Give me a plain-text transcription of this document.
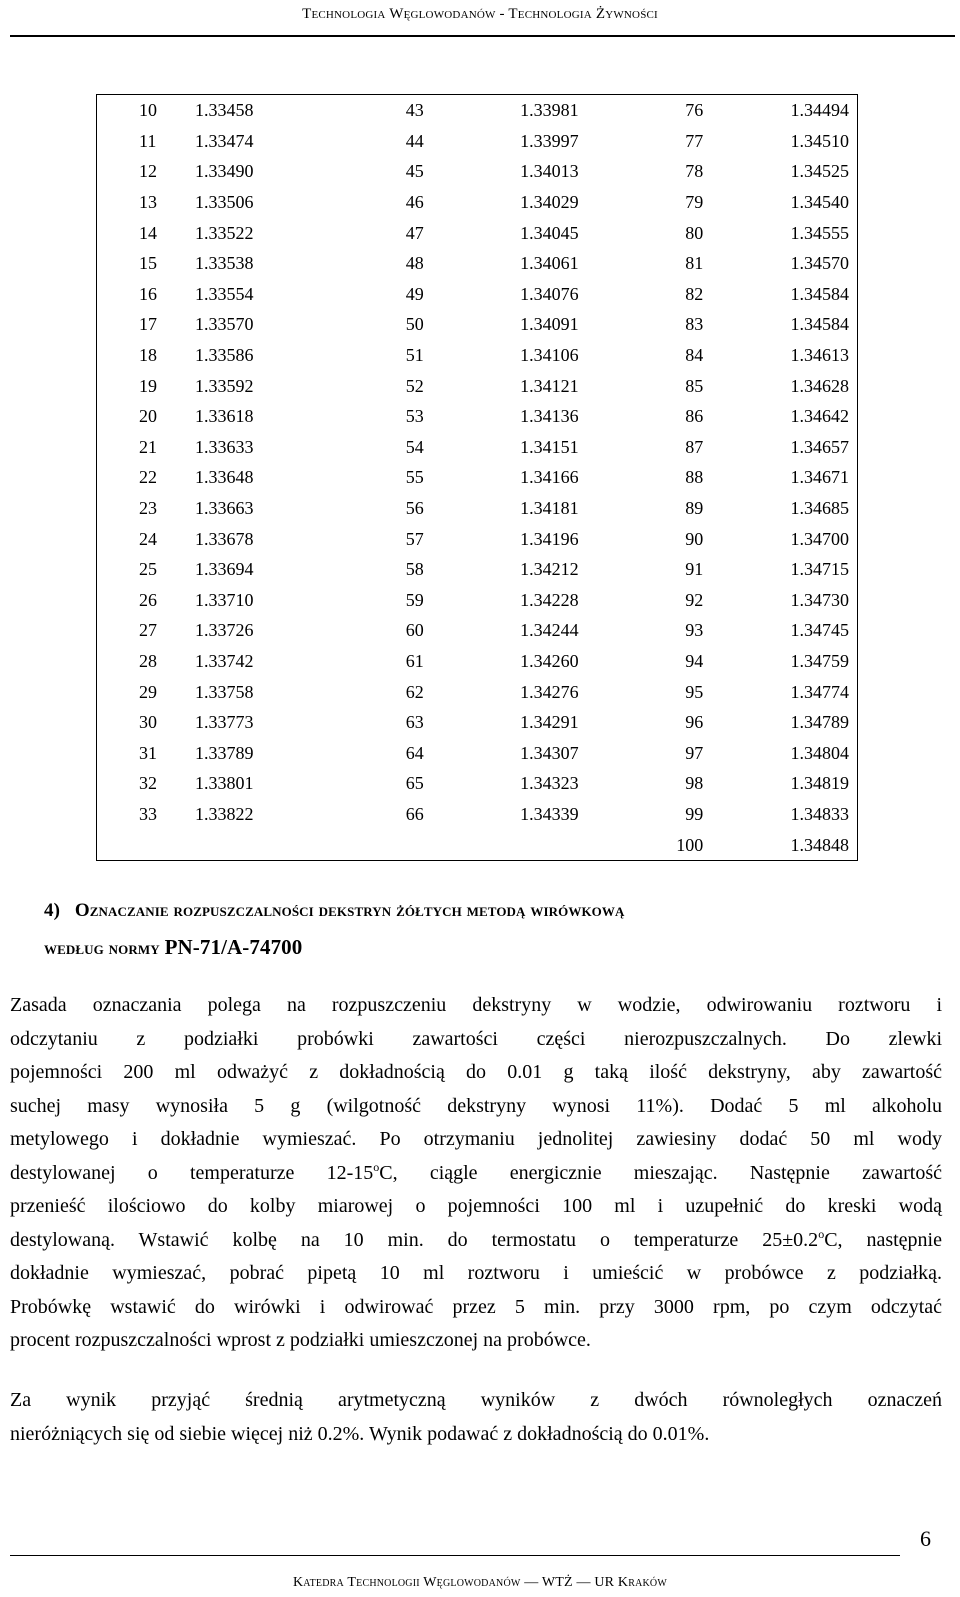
Technologia Węglowodanów - Technologia Żywności
10	1.33458	43	1.33981	76	1.34494
11	1.33474	44	1.33997	77	1.34510
12	1.33490	45	1.34013	78	1.34525
13	1.33506	46	1.34029	79	1.34540
14	1.33522	47	1.34045	80	1.34555
15	1.33538	48	1.34061	81	1.34570
16	1.33554	49	1.34076	82	1.34584
17	1.33570	50	1.34091	83	1.34584
18	1.33586	51	1.34106	84	1.34613
19	1.33592	52	1.34121	85	1.34628
20	1.33618	53	1.34136	86	1.34642
21	1.33633	54	1.34151	87	1.34657
22	1.33648	55	1.34166	88	1.34671
23	1.33663	56	1.34181	89	1.34685
24	1.33678	57	1.34196	90	1.34700
25	1.33694	58	1.34212	91	1.34715
26	1.33710	59	1.34228	92	1.34730
27	1.33726	60	1.34244	93	1.34745
28	1.33742	61	1.34260	94	1.34759
29	1.33758	62	1.34276	95	1.34774
30	1.33773	63	1.34291	96	1.34789
31	1.33789	64	1.34307	97	1.34804
32	1.33801	65	1.34323	98	1.34819
33	1.33822	66	1.34339	99	1.34833
				100	1.34848
4) Oznaczanie rozpuszczalności dekstryn żółtych metodą wirówkową
według normy PN-71/A-74700
Zasada oznaczania polega na rozpuszczeniu dekstryny w wodzie, odwirowaniu roztworu i
odczytaniu z podziałki probówki zawartości części nierozpuszczalnych. Do zlewki
pojemności 200 ml odważyć z dokładnością do 0.01 g taką ilość dekstryny, aby zawartość
suchej masy wynosiła 5 g (wilgotność dekstryny wynosi 11%). Dodać 5 ml alkoholu
metylowego i dokładnie wymieszać. Po otrzymaniu jednolitej zawiesiny dodać 50 ml wody
destylowanej o temperaturze 12-15$^o$C, ciągle energicznie mieszając. Następnie zawartość
przenieść ilościowo do kolby miarowej o pojemności 100 ml i uzupełnić do kreski wodą
destylowaną. Wstawić kolbę na 10 min. do termostatu o temperaturze $25\pm 0.2^oC$, następnie
dokładnie wymieszać, pobrać pipetą 10 ml roztworu i umieścić w probówce z podziałką.
Probówkę wstawić do wirówki i odwirować przez 5 min. przy 3000 rpm, po czym odczytać
procent rozpuszczalności wprost z podziałki umieszczonej na probówce.
Za wynik przyjąć średnią arytmetyczną wyników z dwóch równoległych oznaczeń
nieróżniących się od siebie więcej niż 0.2%. Wynik podawać z dokładnością do 0.01%.
6
Katedra Technologii Węglowodanów — WTŻ — UR Kraków
